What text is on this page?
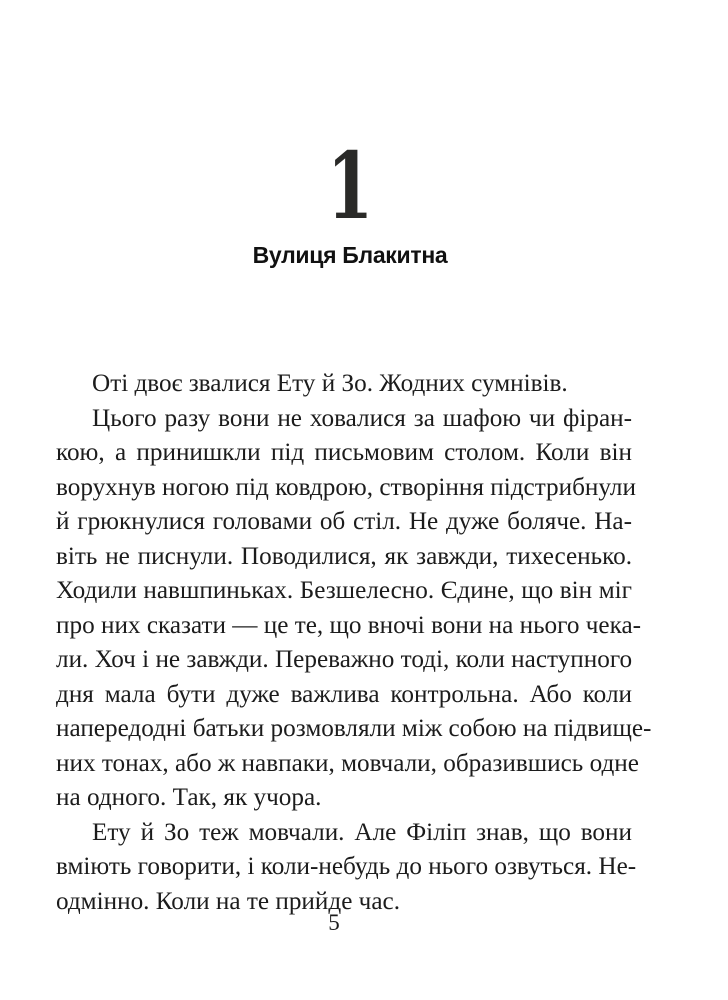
1
Вулиця Блакитна
Оті двоє звалися Ету й Зо. Жодних сумнівів.
Цього разу вони не ховалися за шафою чи фіран-
кою, а принишкли під письмовим столом. Коли він
ворухнув ногою під ковдрою, створіння підстрибнули
й грюкнулися головами об стіл. Не дуже боляче. На-
віть не писнули. Поводилися, як завжди, тихесенько.
Ходили навшпиньках. Безшелесно. Єдине, що він міг
про них сказати — це те, що вночі вони на нього чека-
ли. Хоч і не завжди. Переважно тоді, коли наступного
дня мала бути дуже важлива контрольна. Або коли
напередодні батьки розмовляли між собою на підвище-
них тонах, або ж навпаки, мовчали, образившись одне
на одного. Так, як учора.
Ету й Зо теж мовчали. Але Філіп знав, що вони
вміють говорити, і коли-небудь до нього озвуться. Не-
одмінно. Коли на те прийде час.
5
